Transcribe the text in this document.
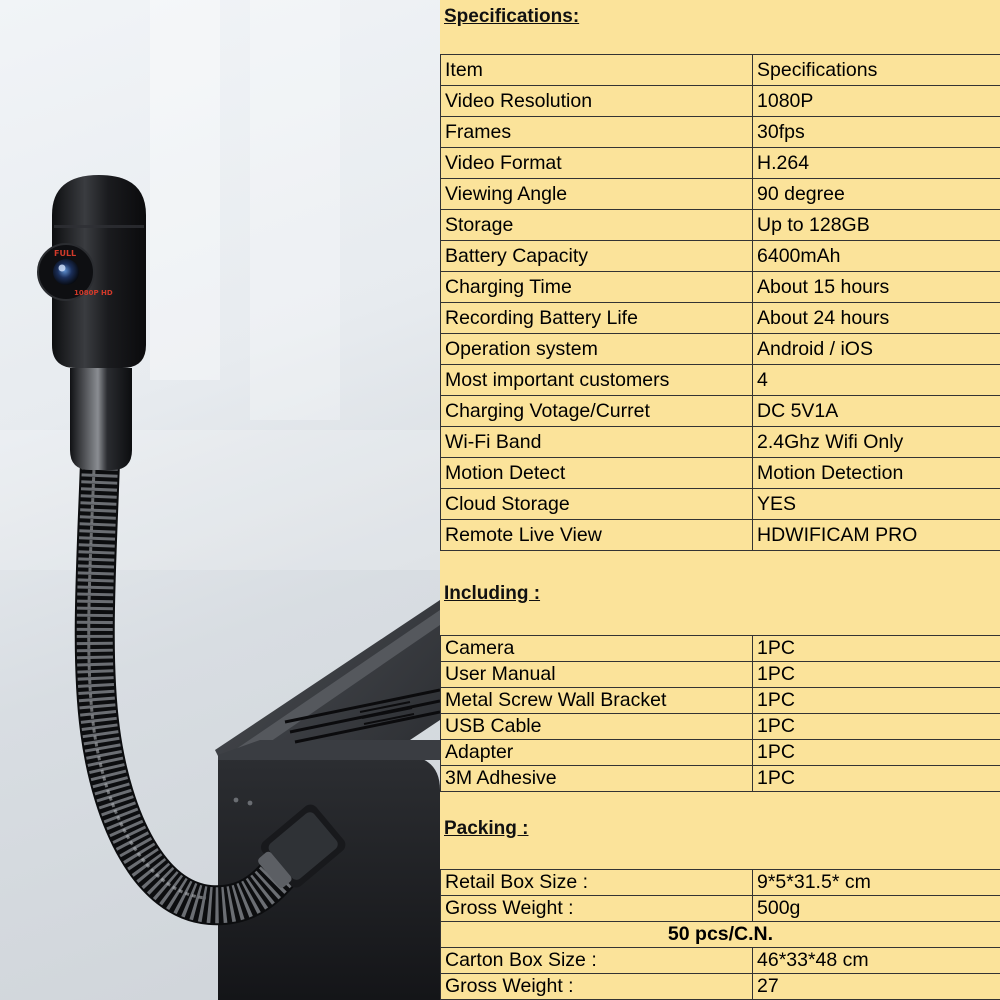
FULL
1080P HD
Specifications:
Including :
Packing :
Item	Specifications
Video Resolution	1080P
Frames	30fps
Video Format	H.264
Viewing Angle	90 degree
Storage	Up to 128GB
Battery Capacity	6400mAh
Charging Time	About 15 hours
Recording Battery Life	About 24 hours
Operation system	Android / iOS
Most important customers	4
Charging Votage/Curret	DC 5V1A
Wi-Fi Band	2.4Ghz Wifi Only
Motion Detect	Motion Detection
Cloud Storage	YES
Remote Live View	HDWIFICAM PRO
Camera	1PC
User Manual	1PC
Metal Screw Wall Bracket	1PC
USB Cable	1PC
Adapter	1PC
3M Adhesive	1PC
Retail Box Size :	9*5*31.5* cm
Gross Weight :	500g
50 pcs/C.N.
Carton Box Size :	46*33*48 cm
Gross Weight :	27
